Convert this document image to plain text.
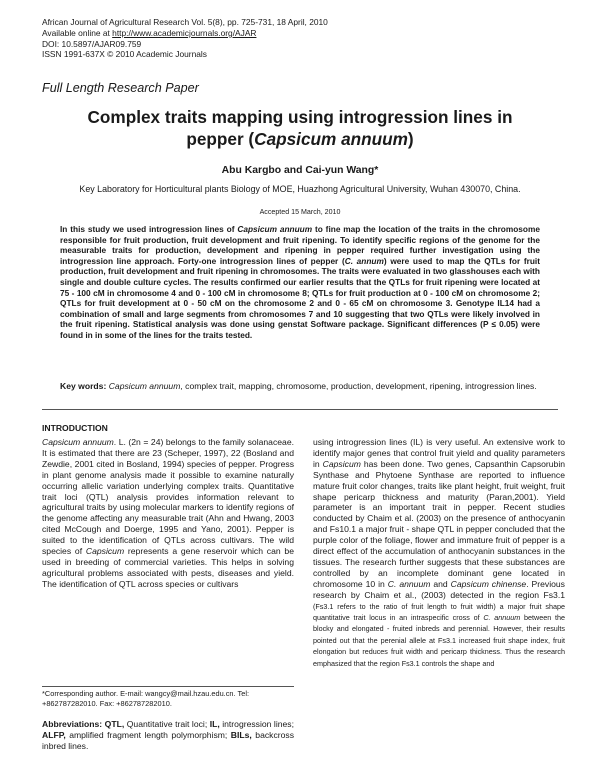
African Journal of Agricultural Research Vol. 5(8), pp. 725-731, 18 April, 2010
Available online at http://www.academicjournals.org/AJAR
DOI: 10.5897/AJAR09.759
ISSN 1991-637X © 2010 Academic Journals
Full Length Research Paper
Complex traits mapping using introgression lines in
pepper (Capsicum annuum)
Abu Kargbo and Cai-yun Wang*
Key Laboratory for Horticultural plants Biology of MOE, Huazhong Agricultural University, Wuhan 430070, China.
Accepted 15 March, 2010
In this study we used introgression lines of Capsicum annuum to fine map the location of the traits in the chromosome responsible for fruit production, fruit development and fruit ripening. To identify specific regions of the genome for the measurable traits for production, development and ripening in pepper required further investigation using the introgression line approach. Forty-one introgression lines of pepper (C. annum) were used to map the QTLs for fruit production, fruit development and fruit ripening in chromosomes. The traits were evaluated in two glasshouses each with single and double culture cycles. The results confirmed our earlier results that the QTLs for fruit ripening were located at 75 - 100 cM in chromosome 4 and 0 - 100 cM in chromosome 8; QTLs for fruit production at 0 - 100 cM on chromosome 2; QTLs for fruit development at 0 - 50 cM on the chromosome 2 and 0 - 65 cM on chromosome 3. Genotype IL14 had a combination of small and large segments from chromosomes 7 and 10 suggesting that two QTLs were likely involved in the fruit ripening. Statistical analysis was done using genstat Software package. Significant differences (P ≤ 0.05) were found in in some of the lines for the traits tested.
Key words: Capsicum annuum, complex trait, mapping, chromosome, production, development, ripening, introgression lines.
INTRODUCTION
Capsicum annuum. L. (2n = 24) belongs to the family solanaceae. It is estimated that there are 23 (Scheper, 1997), 22 (Bosland and Zewdie, 2001 cited in Bosland, 1994) species of pepper. Progress in plant genome analysis made it possible to examine naturally occurring allelic variation underlying complex traits. Quantitative trait loci (QTL) analysis provides information relevant to agricultural traits by using molecular markers to identify regions of the genome affecting any measurable trait (Ahn and Hwang, 2003 cited McCough and Doerge, 1995 and Yano, 2001). Pepper is suited to the identification of QTLs across cultivars. The wild species of Capsicum represents a gene reservoir which can be used in breeding of commercial varieties. This helps in solving agricultural problems associated with pests, diseases and yield. The identification of QTL across species or cultivars
*Corresponding author. E-mail: wangcy@mail.hzau.edu.cn. Tel: +862787282010. Fax: +862787282010.
Abbreviations: QTL, Quantitative trait loci; IL, introgression lines; ALFP, amplified fragment length polymorphism; BILs, backcross inbred lines.
using introgression lines (IL) is very useful. An extensive work to identify major genes that control fruit yield and quality parameters in Capsicum has been done. Two genes, Capsanthin Capsorubin Synthase and Phytoene Synthase are reported to influence mature fruit color changes, traits like plant height, fruit weight, fruit shape pericarp thickness and maturity (Paran,2001). Yield parameter is an important trait in pepper. Recent studies conducted by Chaim et al. (2003) on the presence of anthocyanin and Fs10.1 a major fruit - shape QTL in pepper concluded that the purple color of the foliage, flower and immature fruit of pepper is a direct effect of the accumulation of anthocyanin substances in the tissues. The research further suggests that these substances are controlled by an incomplete dominant gene located in chromosome 10 in C. annuum and Capsicum chinense. Previous research by Chaim et al., (2003) detected in the region Fs3.1 (Fs3.1 refers to the ratio of fruit length to fruit width) a major fruit shape quantitative trait locus in an intraspecific cross of C. annuum between the blocky and elongated - fruited inbreds and perennial. However, their results pointed out that the perenial allele at Fs3.1 increased fruit shape index, fruit elongation but reduces fruit width and pericarp thickness. Thus the research emphasized that the region Fs3.1 controls the shape and
